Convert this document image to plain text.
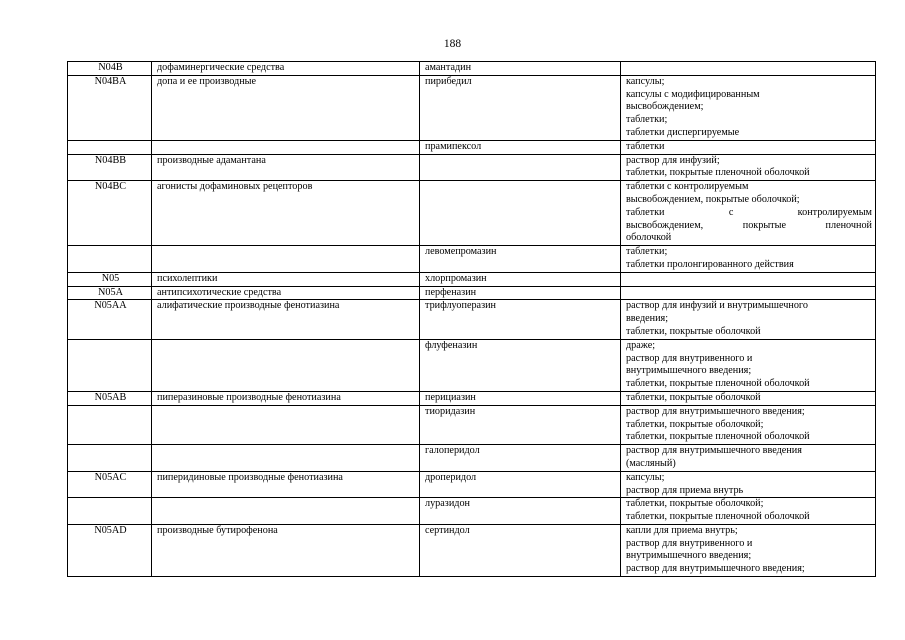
188
N04B	дофаминергические средства	амантадин	
N04BA	допа и ее производные	пирибедил	капсулы;
капсулы с модифицированным
высвобождением;
таблетки;
таблетки диспергируемые

		прамипексол	таблетки

N04BB	производные адамантана		раствор для инфузий;
таблетки, покрытые пленочной оболочкой

N04BC	агонисты дофаминовых рецепторов		таблетки с контролируемым
высвобождением, покрытые оболочкой;
таблетки с контролируемым
высвобождением, покрытые пленочной
оболочкой

		левомепромазин	таблетки;
таблетки пролонгированного действия

N05	психолептики	хлорпромазин	
N05A	антипсихотические средства	перфеназин	
N05AA	алифатические производные фенотиазина	трифлуоперазин	раствор для инфузий и внутримышечного
введения;
таблетки, покрытые оболочкой

		флуфеназин	драже;
раствор для внутривенного и
внутримышечного введения;
таблетки, покрытые пленочной оболочкой

N05AB	пиперазиновые производные фенотиазина	перициазин	таблетки, покрытые оболочкой

		тиоридазин	раствор для внутримышечного введения;
таблетки, покрытые оболочкой;
таблетки, покрытые пленочной оболочкой

		галоперидол	раствор для внутримышечного введения
(масляный)

N05AC	пиперидиновые производные фенотиазина	дроперидол	капсулы;
раствор для приема внутрь

		луразидон	таблетки, покрытые оболочкой;
таблетки, покрытые пленочной оболочкой

N05AD	производные бутирофенона	сертиндол	капли для приема внутрь;
раствор для внутривенного и
внутримышечного введения;
раствор для внутримышечного введения;
